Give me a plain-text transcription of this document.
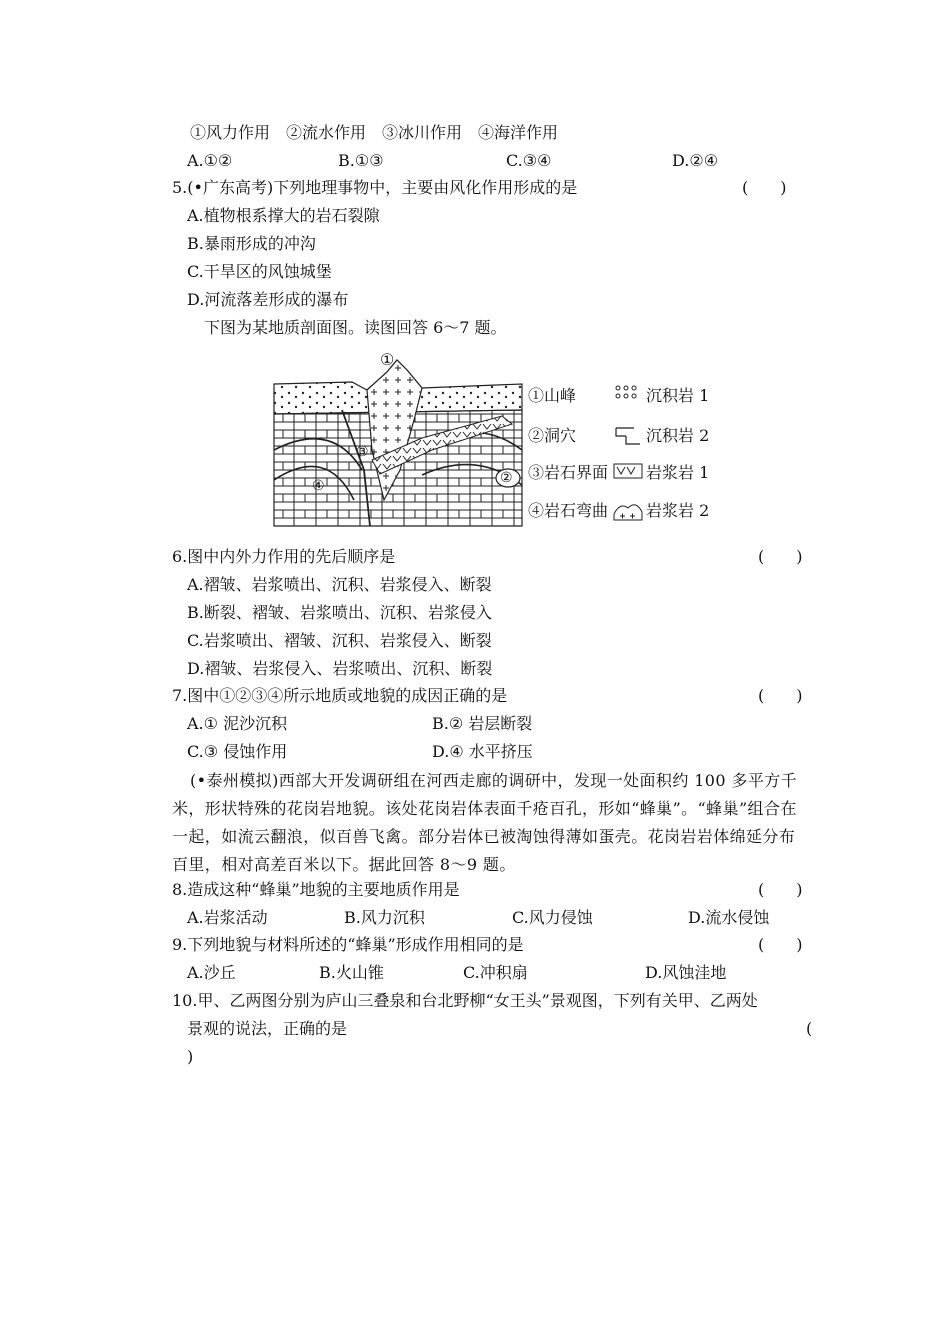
①风力作用　②流水作用　③冰川作用　④海洋作用
A.①②	B.①③	C.③④	D.②④
5.(•广东高考)下列地理事物中，主要由风化作用形成的是	(　　)
A.植物根系撑大的岩石裂隙
B.暴雨形成的冲沟
C.干旱区的风蚀城堡
D.河流落差形成的瀑布
下图为某地质剖面图。读图回答 6～7 题。
①
②
③
④
①山峰
②洞穴
③岩石界面
④岩石弯曲
沉积岩 1
沉积岩 2
岩浆岩 1
岩浆岩 2
6.图中内外力作用的先后顺序是	(　　)
A.褶皱、岩浆喷出、沉积、岩浆侵入、断裂
B.断裂、褶皱、岩浆喷出、沉积、岩浆侵入
C.岩浆喷出、褶皱、沉积、岩浆侵入、断裂
D.褶皱、岩浆侵入、岩浆喷出、沉积、断裂
7.图中①②③④所示地质或地貌的成因正确的是	(　　)
A.① 泥沙沉积	B.② 岩层断裂
C.③ 侵蚀作用	D.④ 水平挤压
(•泰州模拟)西部大开发调研组在河西走廊的调研中，发现一处面积约 100 多平方千米，形状特殊的花岗岩地貌。该处花岗岩体表面千疮百孔，形如“蜂巢”。“蜂巢”组合在一起，如流云翻浪，似百兽飞禽。部分岩体已被淘蚀得薄如蛋壳。花岗岩岩体绵延分布百里，相对高差百米以下。据此回答 8～9 题。
8.造成这种“蜂巢”地貌的主要地质作用是	(　　)
A.岩浆活动	B.风力沉积	C.风力侵蚀	D.流水侵蚀
9.下列地貌与材料所述的“蜂巢”形成作用相同的是	(　　)
A.沙丘	B.火山锥	C.冲积扇	D.风蚀洼地
10.甲、乙两图分别为庐山三叠泉和台北野柳“女王头”景观图，下列有关甲、乙两处
景观的说法，正确的是	(
)
